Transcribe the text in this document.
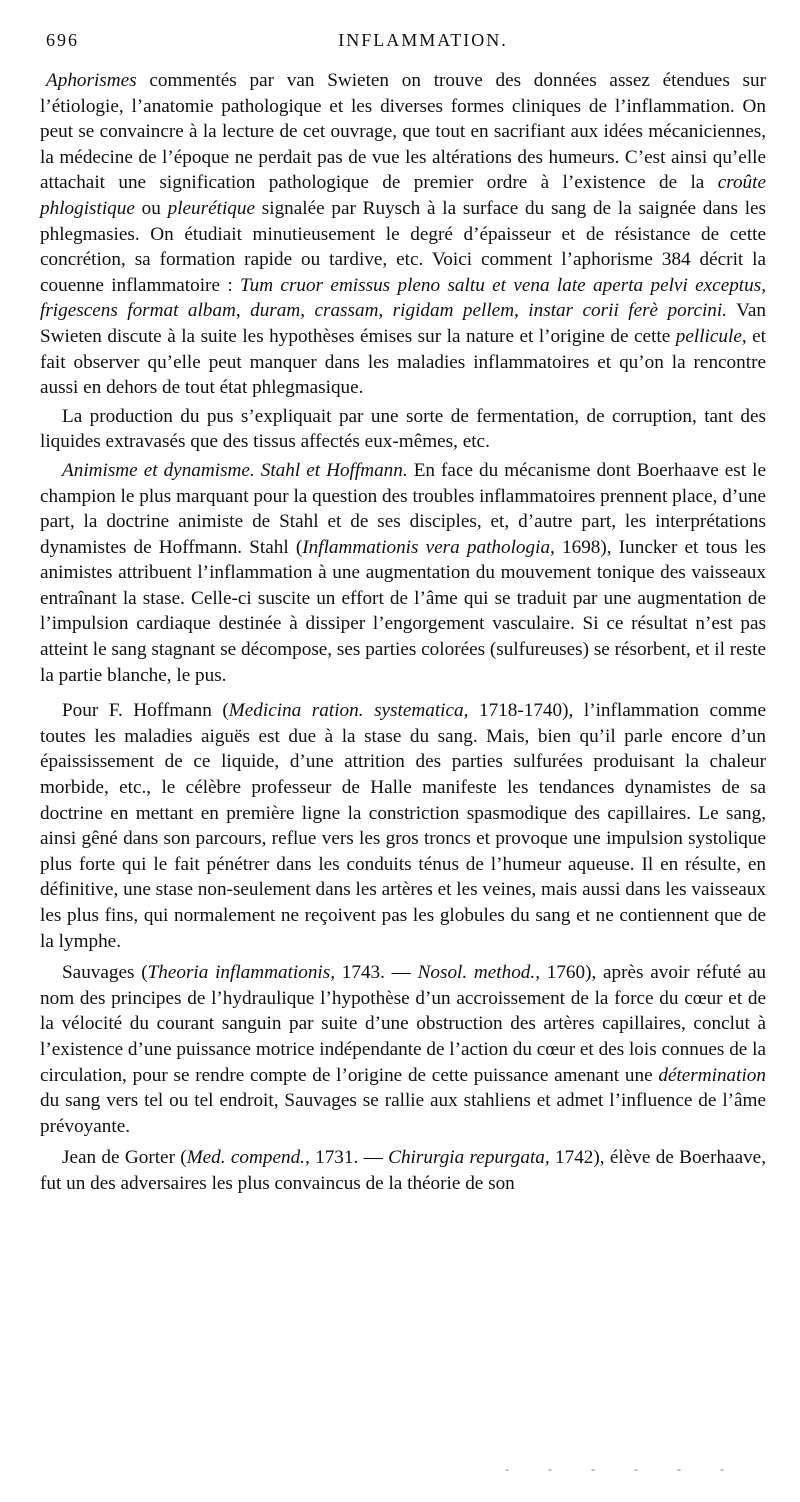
696	INFLAMMATION.

Aphorismes commentés par van Swieten on trouve des données assez étendues sur l’étiologie, l’anatomie pathologique et les diverses formes cliniques de l’inflammation. On peut se convaincre à la lecture de cet ouvrage, que tout en sacrifiant aux idées mécaniciennes, la médecine de l’époque ne perdait pas de vue les altérations des humeurs. C’est ainsi qu’elle attachait une signification pathologique de premier ordre à l’existence de la croûte phlogistique ou pleurétique signalée par Ruysch à la surface du sang de la saignée dans les phlegmasies. On étudiait minutieusement le degré d’épaisseur et de résistance de cette concrétion, sa formation rapide ou tardive, etc. Voici comment l’aphorisme 384 décrit la couenne inflammatoire : Tum cruor emissus pleno saltu et vena late aperta pelvi exceptus, frigescens format albam, duram, crassam, rigidam pellem, instar corii ferè porcini. Van Swieten discute à la suite les hypothèses émises sur la nature et l’origine de cette pellicule, et fait observer qu’elle peut manquer dans les maladies inflammatoires et qu’on la rencontre aussi en dehors de tout état phlegmasique.

La production du pus s’expliquait par une sorte de fermentation, de corruption, tant des liquides extravasés que des tissus affectés eux-mêmes, etc.

Animisme et dynamisme. Stahl et Hoffmann. En face du mécanisme dont Boerhaave est le champion le plus marquant pour la question des troubles inflammatoires prennent place, d’une part, la doctrine animiste de Stahl et de ses disciples, et, d’autre part, les interprétations dynamistes de Hoffmann. Stahl (Inflammationis vera pathologia, 1698), Iuncker et tous les animistes attribuent l’inflammation à une augmentation du mouvement tonique des vaisseaux entraînant la stase. Celle-ci suscite un effort de l’âme qui se traduit par une augmentation de l’impulsion cardiaque destinée à dissiper l’engorgement vasculaire. Si ce résultat n’est pas atteint le sang stagnant se décompose, ses parties colorées (sulfureuses) se résorbent, et il reste la partie blanche, le pus.

Pour F. Hoffmann (Medicina ration. systematica, 1718-1740), l’inflammation comme toutes les maladies aiguës est due à la stase du sang. Mais, bien qu’il parle encore d’un épaississement de ce liquide, d’une attrition des parties sulfurées produisant la chaleur morbide, etc., le célèbre professeur de Halle manifeste les tendances dynamistes de sa doctrine en mettant en première ligne la constriction spasmodique des capillaires. Le sang, ainsi gêné dans son parcours, reflue vers les gros troncs et provoque une impulsion systolique plus forte qui le fait pénétrer dans les conduits ténus de l’humeur aqueuse. Il en résulte, en définitive, une stase non-seulement dans les artères et les veines, mais aussi dans les vaisseaux les plus fins, qui normalement ne reçoivent pas les globules du sang et ne contiennent que de la lymphe.

Sauvages (Theoria inflammationis, 1743. — Nosol. method., 1760), après avoir réfuté au nom des principes de l’hydraulique l’hypothèse d’un accroissement de la force du cœur et de la vélocité du courant sanguin par suite d’une obstruction des artères capillaires, conclut à l’existence d’une puissance motrice indépendante de l’action du cœur et des lois connues de la circulation, pour se rendre compte de l’origine de cette puissance amenant une détermination du sang vers tel ou tel endroit, Sauvages se rallie aux stahliens et admet l’influence de l’âme prévoyante.

Jean de Gorter (Med. compend., 1731. — Chirurgia repurgata, 1742), élève de Boerhaave, fut un des adversaires les plus convaincus de la théorie de son

- - - - - -
